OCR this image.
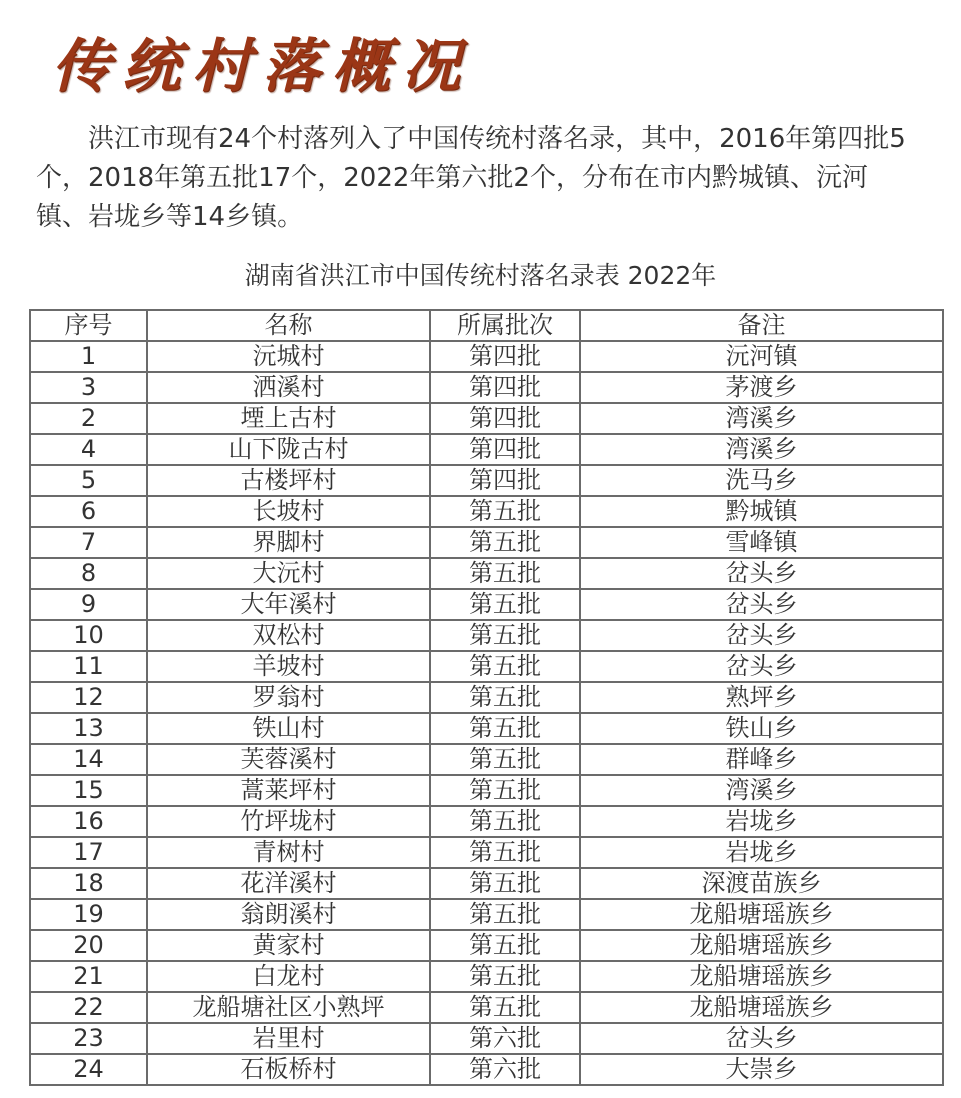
传统村落概况

洪江市现有24个村落列入了中国传统村落名录，其中，2016年第四批5个，2018年第五批17个，2022年第六批2个，分布在市内黔城镇、沅河镇、岩垅乡等14乡镇。

湖南省洪江市中国传统村落名录表 2022年
序号	名称	所属批次	备注
1	沅城村	第四批	沅河镇
3	洒溪村	第四批	茅渡乡
2	堙上古村	第四批	湾溪乡
4	山下陇古村	第四批	湾溪乡
5	古楼坪村	第四批	洗马乡
6	长坡村	第五批	黔城镇
7	界脚村	第五批	雪峰镇
8	大沅村	第五批	岔头乡
9	大年溪村	第五批	岔头乡
10	双松村	第五批	岔头乡
11	羊坡村	第五批	岔头乡
12	罗翁村	第五批	熟坪乡
13	铁山村	第五批	铁山乡
14	芙蓉溪村	第五批	群峰乡
15	蒿莱坪村	第五批	湾溪乡
16	竹坪垅村	第五批	岩垅乡
17	青树村	第五批	岩垅乡
18	花洋溪村	第五批	深渡苗族乡
19	翁朗溪村	第五批	龙船塘瑶族乡
20	黄家村	第五批	龙船塘瑶族乡
21	白龙村	第五批	龙船塘瑶族乡
22	龙船塘社区小熟坪	第五批	龙船塘瑶族乡
23	岩里村	第六批	岔头乡
24	石板桥村	第六批	大崇乡
